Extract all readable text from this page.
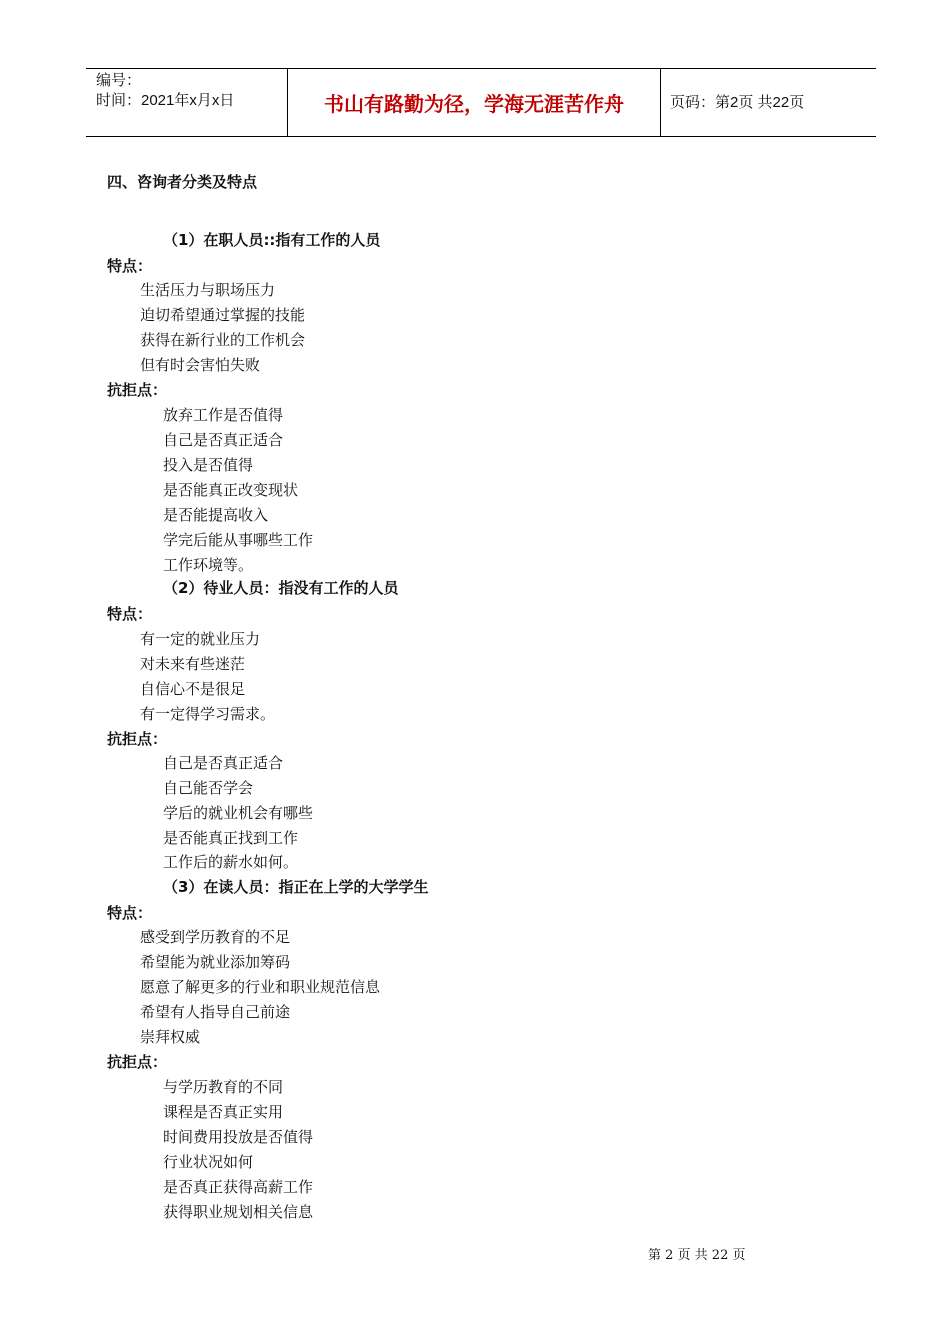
编号：
时间：2021年x月x日	书山有路勤为径，学海无涯苦作舟	页码：第2页 共22页
四、咨询者分类及特点
（1）在职人员::指有工作的人员
特点：
生活压力与职场压力
迫切希望通过掌握的技能
获得在新行业的工作机会
但有时会害怕失败
抗拒点：
放弃工作是否值得
自己是否真正适合
投入是否值得
是否能真正改变现状
是否能提高收入
学完后能从事哪些工作
工作环境等。
（2）待业人员：指没有工作的人员
特点：
有一定的就业压力
对未来有些迷茫
自信心不是很足
有一定得学习需求。
抗拒点：
自己是否真正适合
自己能否学会
学后的就业机会有哪些
是否能真正找到工作
工作后的薪水如何。
（3）在读人员：指正在上学的大学学生
特点：
感受到学历教育的不足
希望能为就业添加筹码
愿意了解更多的行业和职业规范信息
希望有人指导自己前途
崇拜权威
抗拒点：
与学历教育的不同
课程是否真正实用
时间费用投放是否值得
行业状况如何
是否真正获得高薪工作
获得职业规划相关信息
第 2 页 共 22 页
